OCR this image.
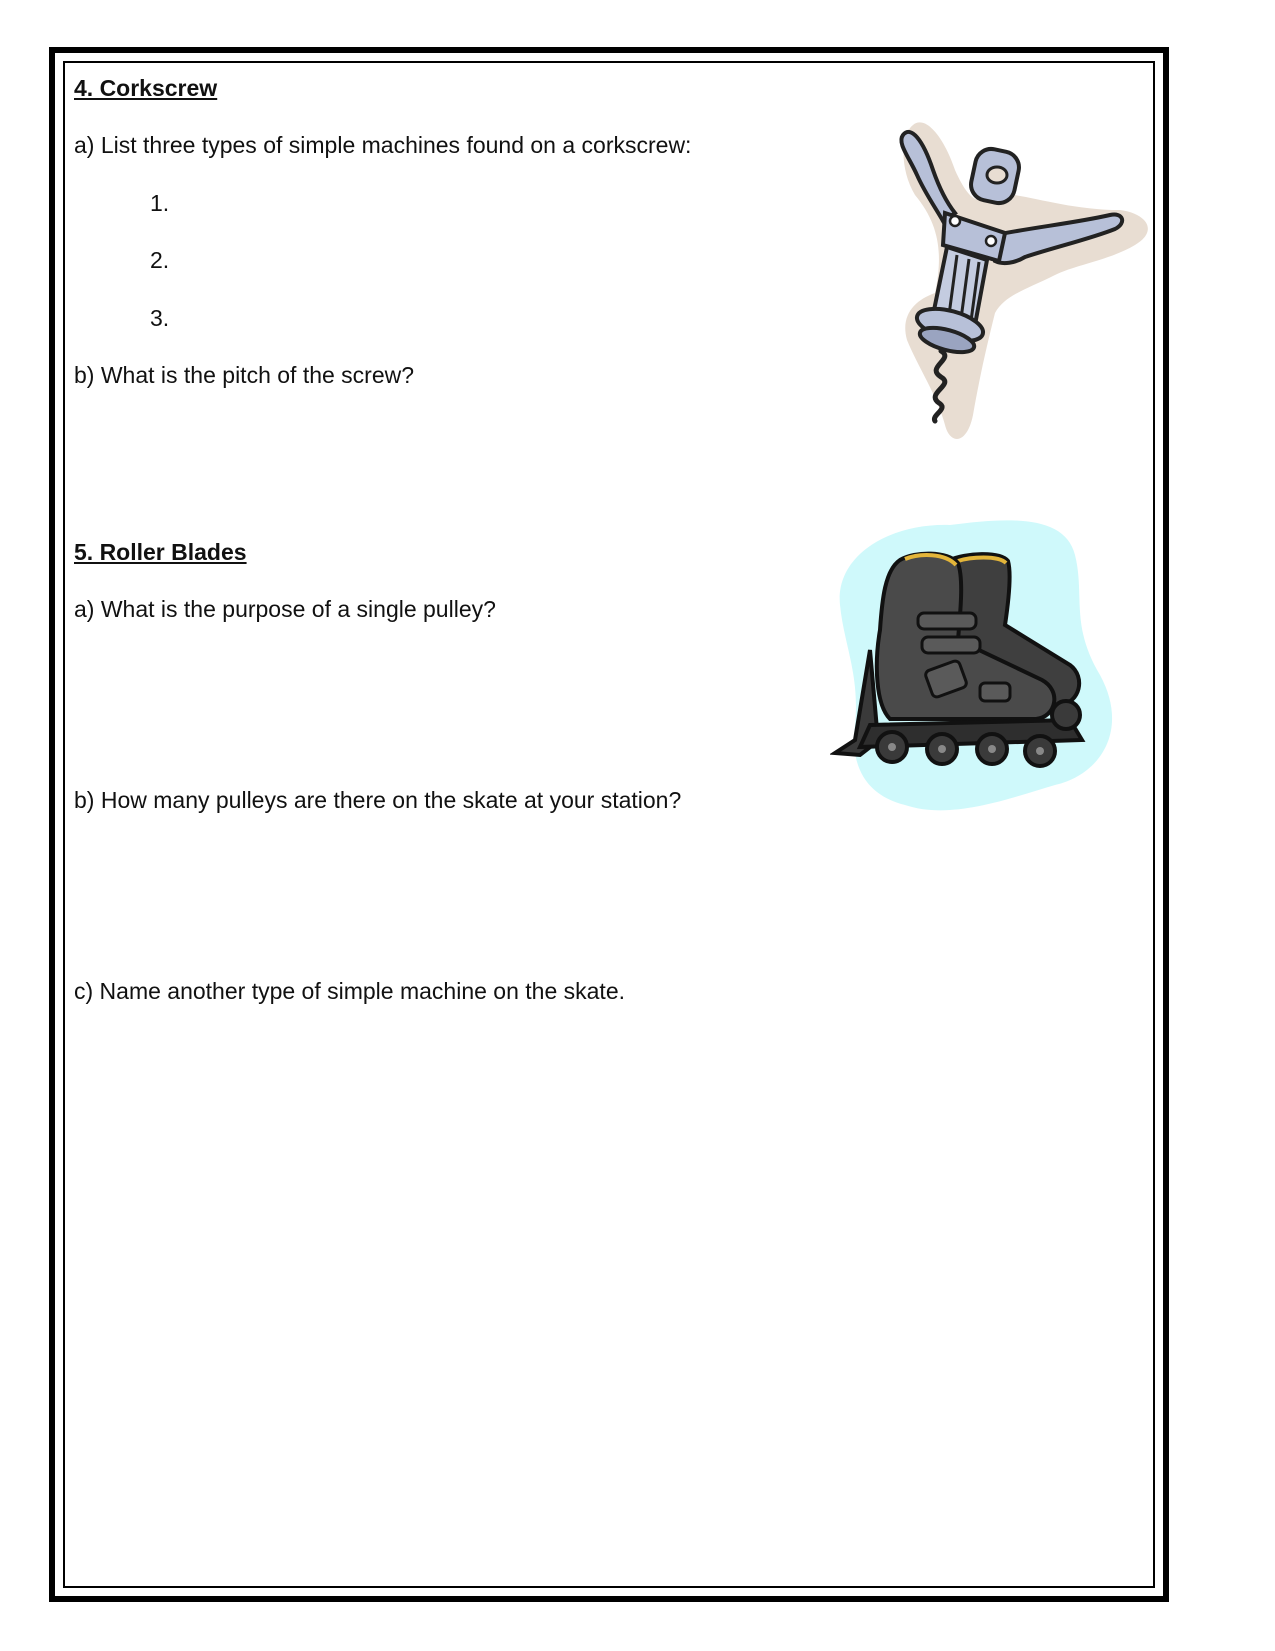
4. Corkscrew
a) List three types of simple machines found on a corkscrew:
1.
2.
3.
b) What is the pitch of the screw?
5. Roller Blades
a) What is the purpose of a single pulley?
b) How many pulleys are there on the skate at your station?
c) Name another type of simple machine on the skate.
